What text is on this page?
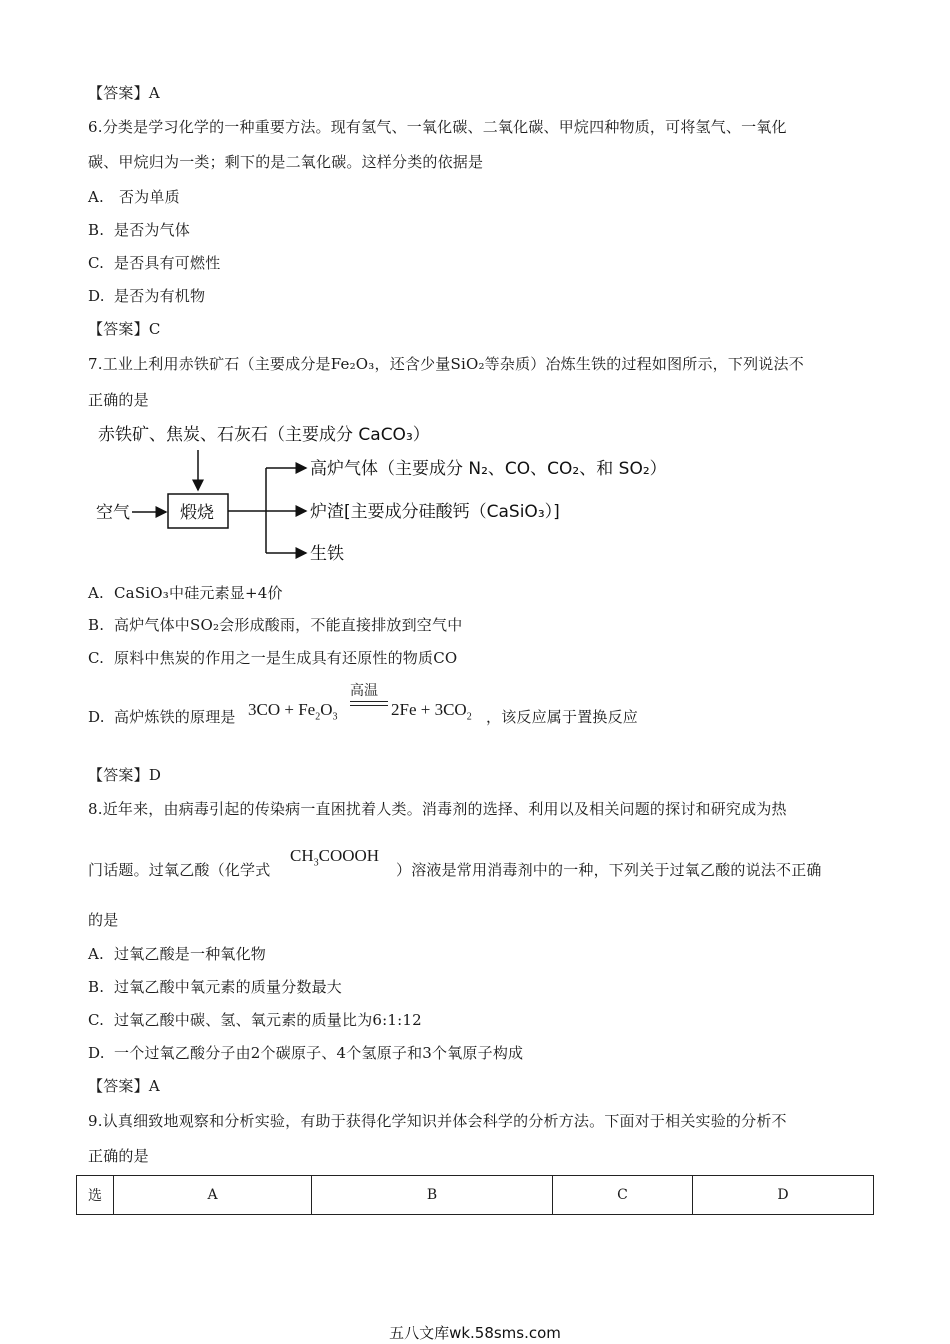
【答案】A
6.分类是学习化学的一种重要方法。现有氢气、一氧化碳、二氧化碳、甲烷四种物质，可将氢气、一氧化
碳、甲烷归为一类；剩下的是二氧化碳。这样分类的依据是
A. 否为单质
B. 是否为气体
C. 是否具有可燃性
D. 是否为有机物
【答案】C
7.工业上利用赤铁矿石（主要成分是Fe₂O₃，还含少量SiO₂等杂质）冶炼生铁的过程如图所示，下列说法不
正确的是
赤铁矿、焦炭、石灰石（主要成分 CaCO₃）
空气	煅烧
高炉气体（主要成分 N₂、CO、CO₂、和 SO₂）
炉渣[主要成分硅酸钙（CaSiO₃）]
生铁
A. CaSiO₃中硅元素显+4价
B. 高炉气体中SO₂会形成酸雨，不能直接排放到空气中
C. 原料中焦炭的作用之一是生成具有还原性的物质CO
D. 高炉炼铁的原理是 $3CO + Fe_2O_3$
高温
$2Fe + 3CO_2$ ，该反应属于置换反应
【答案】D
8.近年来，由病毒引起的传染病一直困扰着人类。消毒剂的选择、利用以及相关问题的探讨和研究成为热
门话题。过氧乙酸（化学式
$CH_3COOOH$
）溶液是常用消毒剂中的一种，下列关于过氧乙酸的说法不正确
的是
A. 过氧乙酸是一种氧化物
B. 过氧乙酸中氧元素的质量分数最大
C. 过氧乙酸中碳、氢、氧元素的质量比为6:1:12
D. 一个过氧乙酸分子由2个碳原子、4个氢原子和3个氧原子构成
【答案】A
9.认真细致地观察和分析实验，有助于获得化学知识并体会科学的分析方法。下面对于相关实验的分析不
正确的是
选	A	B	C	D
五八文库wk.58sms.com
